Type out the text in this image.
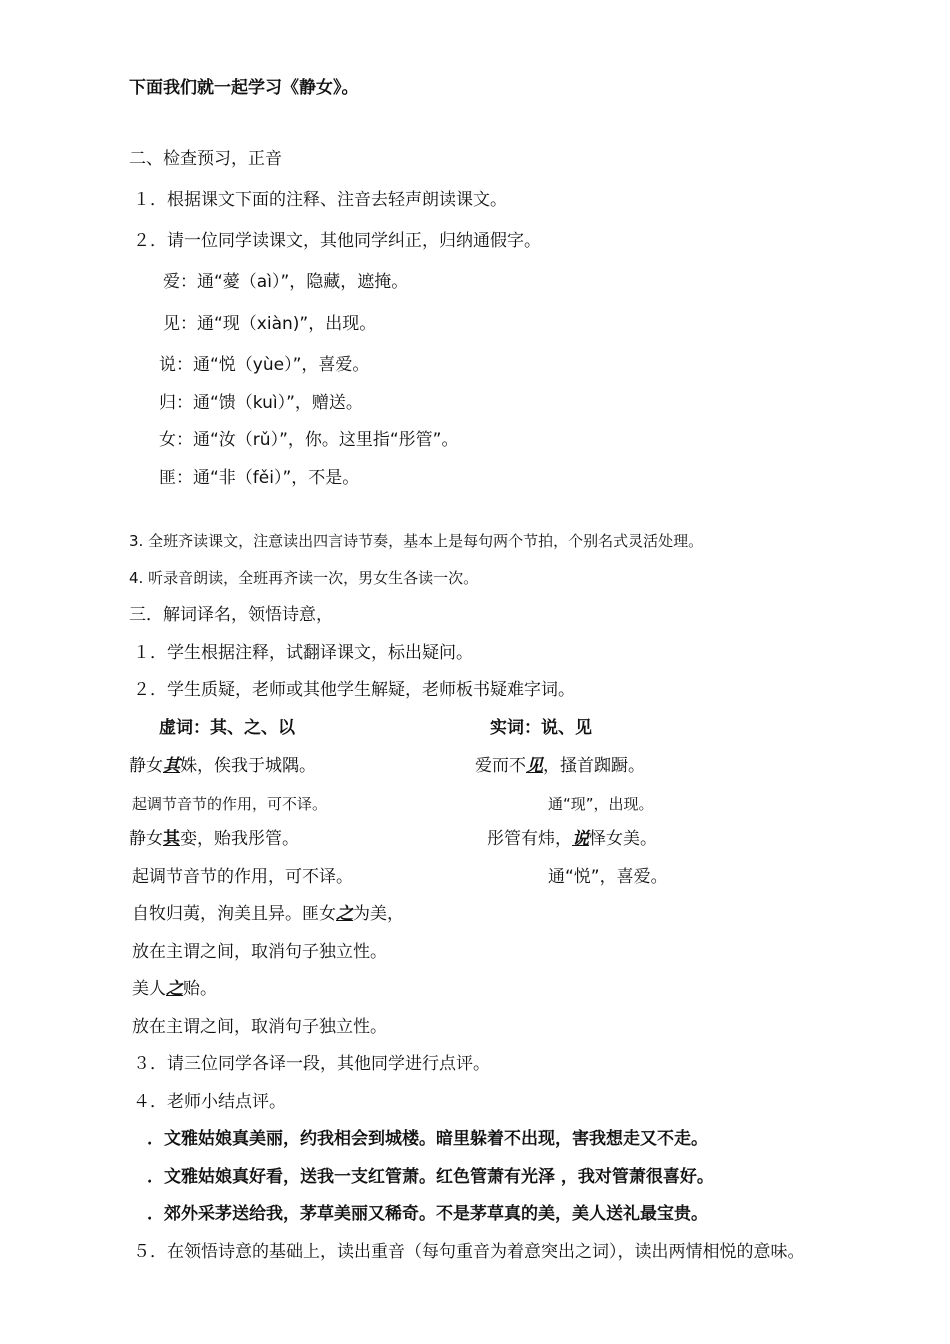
下面我们就一起学习《静女》。
二、检查预习，正音
１．根据课文下面的注释、注音去轻声朗读课文。
２．请一位同学读课文，其他同学纠正，归纳通假字。
爱：通“薆（aì）”，隐藏，遮掩。
见：通“现（xiàn)”，出现。
说：通“悦（yùe）”，喜爱。
归：通“馈（kuì）”，赠送。
女：通“汝（rǔ）”，你。这里指“彤管”。
匪：通“非（fěi）”，不是。
3. 全班齐读课文，注意读出四言诗节奏，基本上是每句两个节拍，个别名式灵活处理。
4. 听录音朗读，全班再齐读一次，男女生各读一次。
三．解词译名，领悟诗意，
１．学生根据注释，试翻译课文，标出疑问。
２．学生质疑，老师或其他学生解疑，老师板书疑难字词。
虚词：其、之、以	实词：说、见
静女其姝，俟我于城隅。	爱而不见，搔首踟蹰。
起调节音节的作用，可不译。	通“现”，出现。
静女其娈，贻我彤管。	彤管有炜，说怿女美。
起调节音节的作用，可不译。	通“悦”，喜爱。
自牧归荑，洵美且异。匪女之为美，
放在主谓之间，取消句子独立性。
美人之贻。
放在主谓之间，取消句子独立性。
３．请三位同学各译一段，其他同学进行点评。
４．老师小结点评。
．文雅姑娘真美丽，约我相会到城楼。暗里躲着不出现，害我想走又不走。
．文雅姑娘真好看，送我一支红管萧。红色管萧有光泽 ，我对管萧很喜好。
．郊外采茅送给我，茅草美丽又稀奇。不是茅草真的美，美人送礼最宝贵。
５．在领悟诗意的基础上，读出重音（每句重音为着意突出之词），读出两情相悦的意味。
